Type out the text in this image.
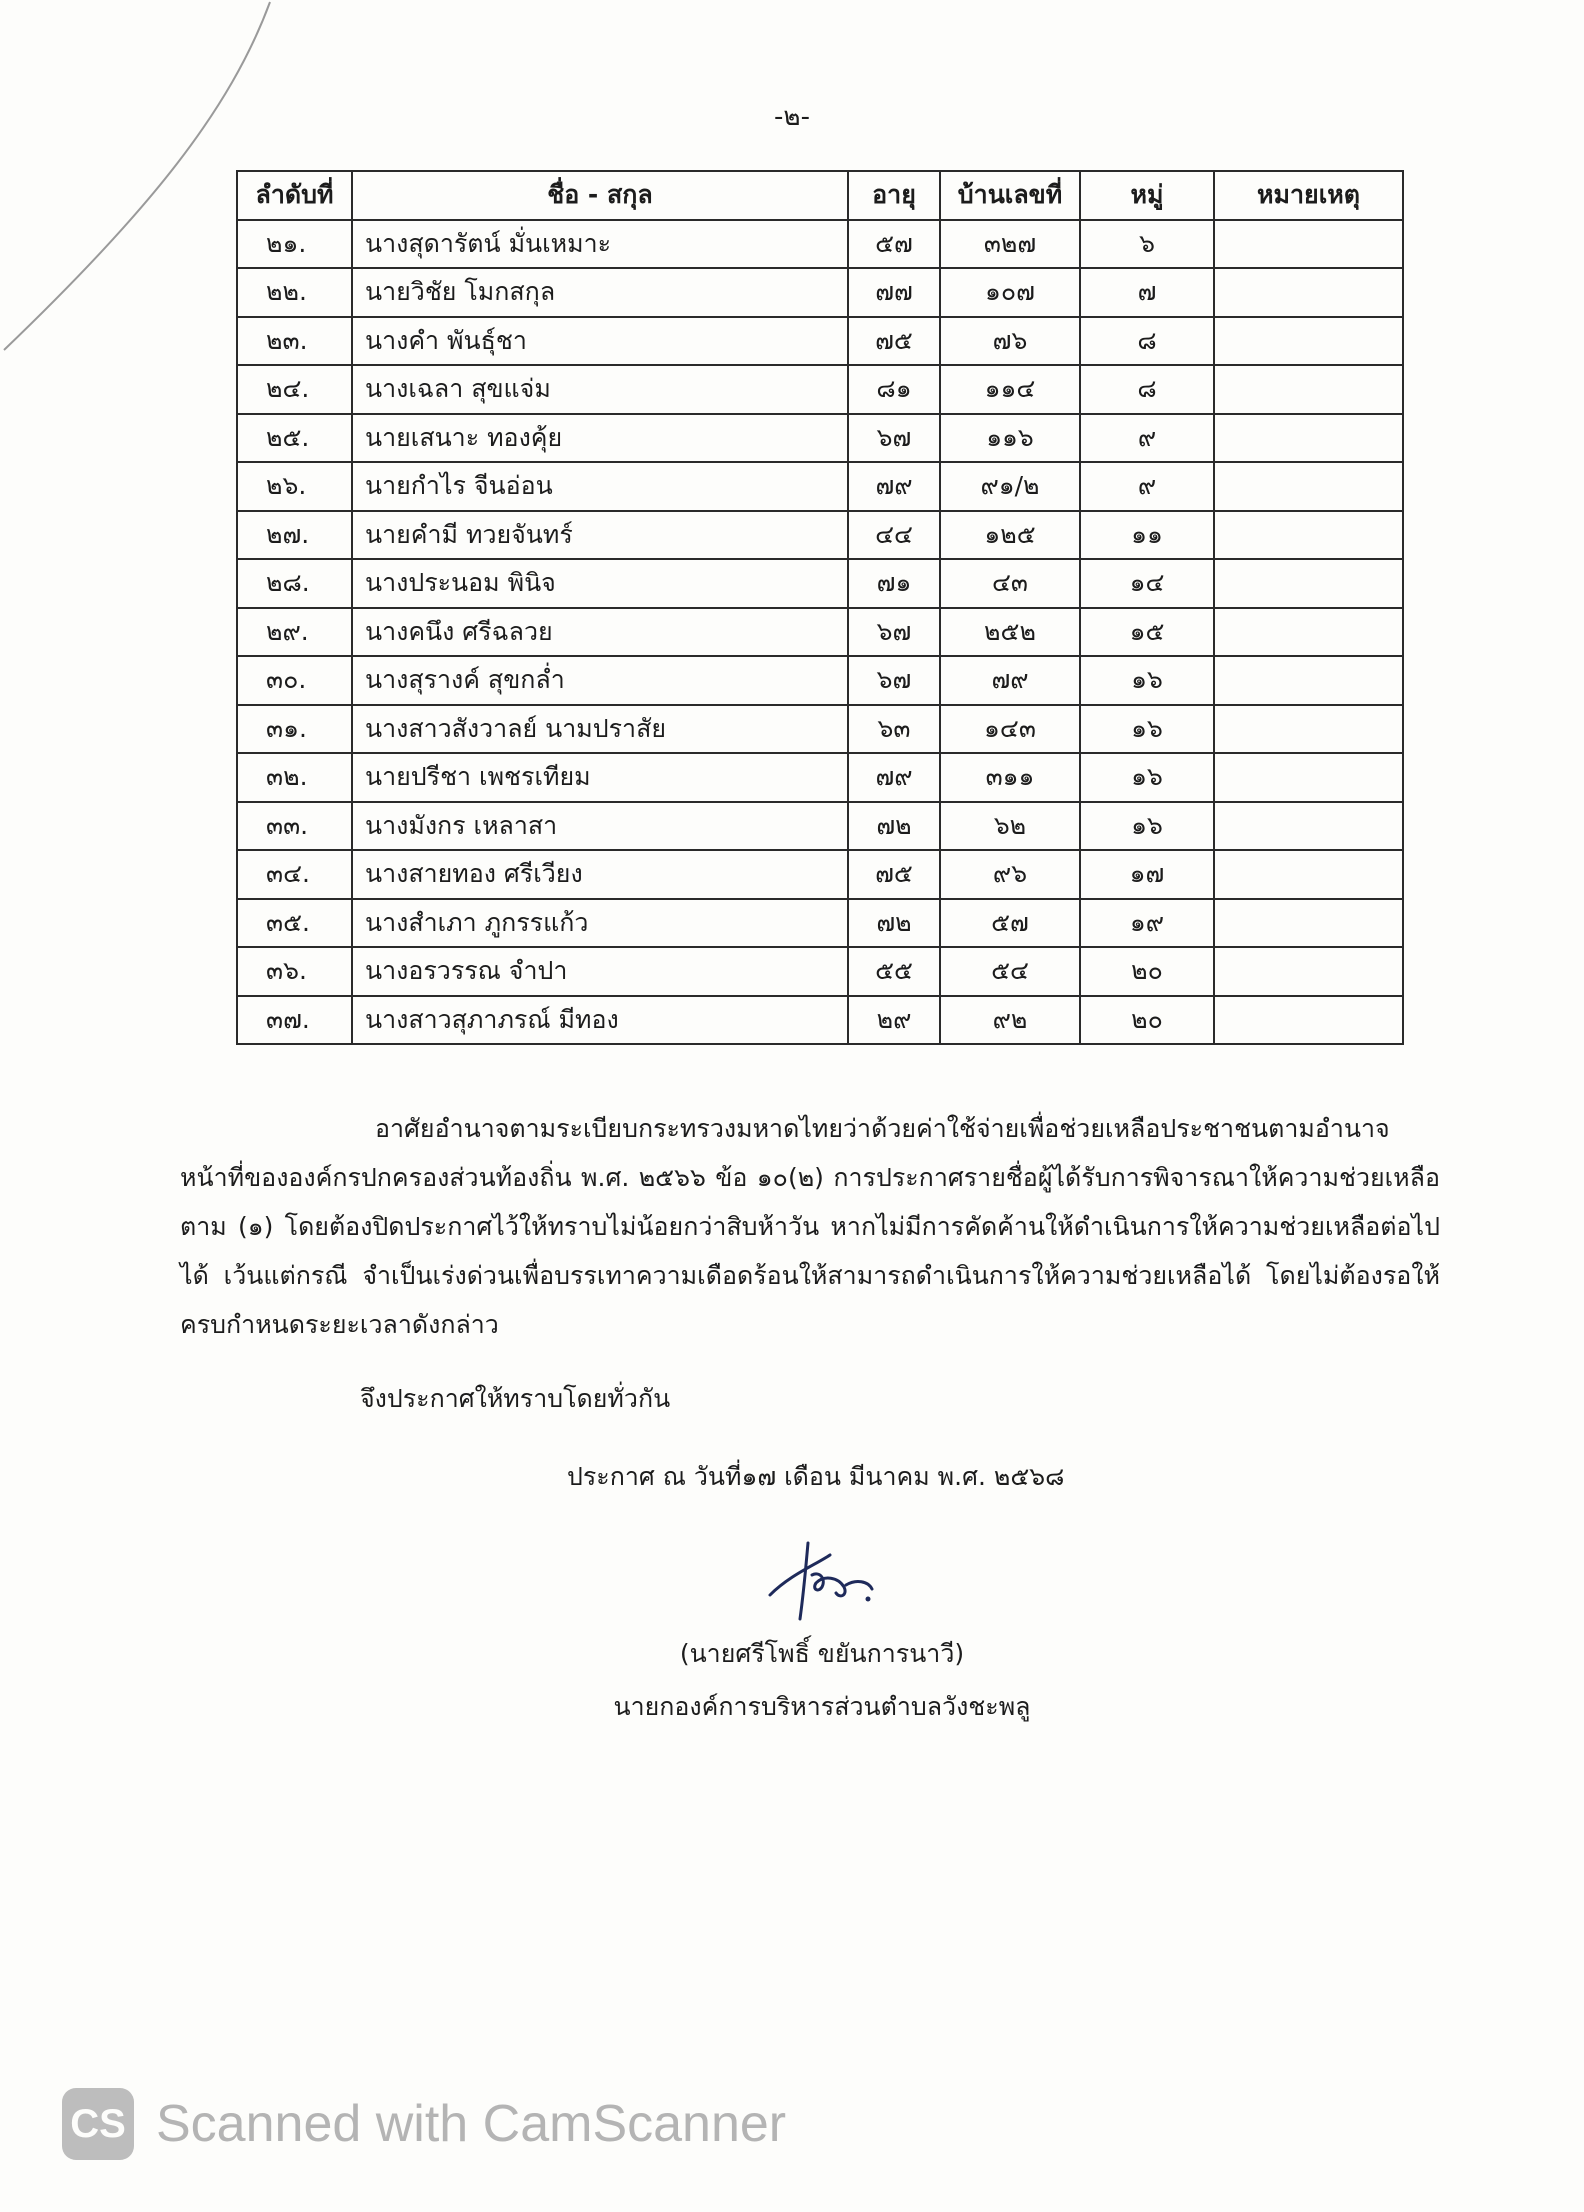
-๒-
ลำดับที่	ชื่อ - สกุล	อายุ	บ้านเลขที่	หมู่	หมายเหตุ
๒๑.	นางสุดารัตน์ มั่นเหมาะ	๕๗	๓๒๗	๖	
๒๒.	นายวิชัย โมกสกุล	๗๗	๑๐๗	๗	
๒๓.	นางคำ พันธุ์ชา	๗๕	๗๖	๘	
๒๔.	นางเฉลา สุขแจ่ม	๘๑	๑๑๔	๘	
๒๕.	นายเสนาะ ทองคุ้ย	๖๗	๑๑๖	๙	
๒๖.	นายกำไร จีนอ่อน	๗๙	๙๑/๒	๙	
๒๗.	นายคำมี ทวยจันทร์	๔๔	๑๒๕	๑๑	
๒๘.	นางประนอม พินิจ	๗๑	๔๓	๑๔	
๒๙.	นางคนึง ศรีฉลวย	๖๗	๒๕๒	๑๕	
๓๐.	นางสุรางค์ สุขกล่ำ	๖๗	๗๙	๑๖	
๓๑.	นางสาวสังวาลย์ นามปราสัย	๖๓	๑๔๓	๑๖	
๓๒.	นายปรีชา เพชรเทียม	๗๙	๓๑๑	๑๖	
๓๓.	นางมังกร เหลาสา	๗๒	๖๒	๑๖	
๓๔.	นางสายทอง ศรีเวียง	๗๕	๙๖	๑๗	
๓๕.	นางสำเภา ภูกรรแก้ว	๗๒	๕๗	๑๙	
๓๖.	นางอรวรรณ จำปา	๕๕	๕๔	๒๐	
๓๗.	นางสาวสุภาภรณ์ มีทอง	๒๙	๙๒	๒๐	

อาศัยอำนาจตามระเบียบกระทรวงมหาดไทยว่าด้วยค่าใช้จ่ายเพื่อช่วยเหลือประชาชนตามอำนาจหน้าที่ขององค์กรปกครองส่วนท้องถิ่น พ.ศ. ๒๕๖๖ ข้อ ๑๐(๒) การประกาศรายชื่อผู้ได้รับการพิจารณาให้ความช่วยเหลือตาม (๑) โดยต้องปิดประกาศไว้ให้ทราบไม่น้อยกว่าสิบห้าวัน หากไม่มีการคัดค้านให้ดำเนินการให้ความช่วยเหลือต่อไปได้ เว้นแต่กรณี จำเป็นเร่งด่วนเพื่อบรรเทาความเดือดร้อนให้สามารถดำเนินการให้ความช่วยเหลือได้ โดยไม่ต้องรอให้ครบกำหนดระยะเวลาดังกล่าว

จึงประกาศให้ทราบโดยทั่วกัน
ประกาศ ณ วันที่๑๗ เดือน มีนาคม พ.ศ. ๒๕๖๘
(นายศรีโพธิ์ ขยันการนาวี)
นายกองค์การบริหารส่วนตำบลวังชะพลู
CS Scanned with CamScanner
